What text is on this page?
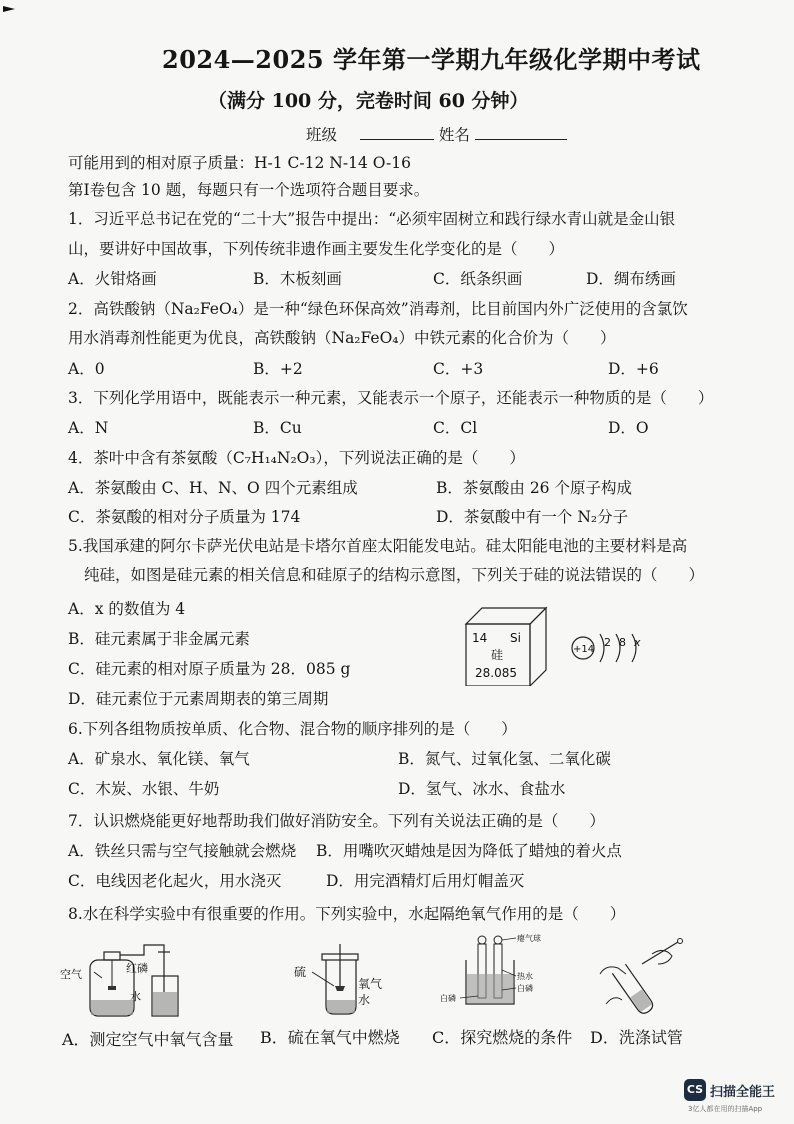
2024—2025 学年第一学期九年级化学期中考试
（满分 100 分，完卷时间 60 分钟）
班级	姓名
可能用到的相对原子质量：H-1 C-12 N-14 O-16
第Ⅰ卷包含 10 题，每题只有一个选项符合题目要求。
1．习近平总书记在党的“二十大”报告中提出：“必须牢固树立和践行绿水青山就是金山银
山，要讲好中国故事，下列传统非遗作画主要发生化学变化的是（　　）
A．火钳烙画	B．木板刻画	C．纸条织画	D．绸布绣画
2．高铁酸钠（Na₂FeO₄）是一种“绿色环保高效”消毒剂，比目前国内外广泛使用的含氯饮
用水消毒剂性能更为优良，高铁酸钠（Na₂FeO₄）中铁元素的化合价为（　　）
A．0	B．+2	C．+3	D．+6
3．下列化学用语中，既能表示一种元素，又能表示一个原子，还能表示一种物质的是（　　）
A．N	B．Cu	C．Cl	D．O
4．茶叶中含有茶氨酸（C₇H₁₄N₂O₃），下列说法正确的是（　　）
A．茶氨酸由 C、H、N、O 四个元素组成	B．茶氨酸由 26 个原子构成
C．茶氨酸的相对分子质量为 174	D．茶氨酸中有一个 N₂分子
5.我国承建的阿尔卡萨光伏电站是卡塔尔首座太阳能发电站。硅太阳能电池的主要材料是高
纯硅，如图是硅元素的相关信息和硅原子的结构示意图，下列关于硅的说法错误的（　　）
A．x 的数值为 4
B．硅元素属于非金属元素
C．硅元素的相对原子质量为 28．085 g
D．硅元素位于元素周期表的第三周期
14 Si
硅
28.085
+14
2 8 x
6.下列各组物质按单质、化合物、混合物的顺序排列的是（　　）
A．矿泉水、氧化镁、氧气	B．氮气、过氧化氢、二氧化碳
C．木炭、水银、牛奶	D．氢气、冰水、食盐水
7．认识燃烧能更好地帮助我们做好消防安全。下列有关说法正确的是（　　）
A．铁丝只需与空气接触就会燃烧 B．用嘴吹灭蜡烛是因为降低了蜡烛的着火点
C．电线因老化起火，用水浇灭	D．用完酒精灯后用灯帽盖灭
8.水在科学实验中有很重要的作用。下列实验中，水起隔绝氧气作用的是（　　）
空气	红磷
水
A．测定空气中氧气含量
硫
氧气
水
B．硫在氧气中燃烧
瘪气球
热水
白磷
白磷
C．探究燃烧的条件 D．洗涤试管
CS 扫描全能王
3亿人都在用的扫描App
